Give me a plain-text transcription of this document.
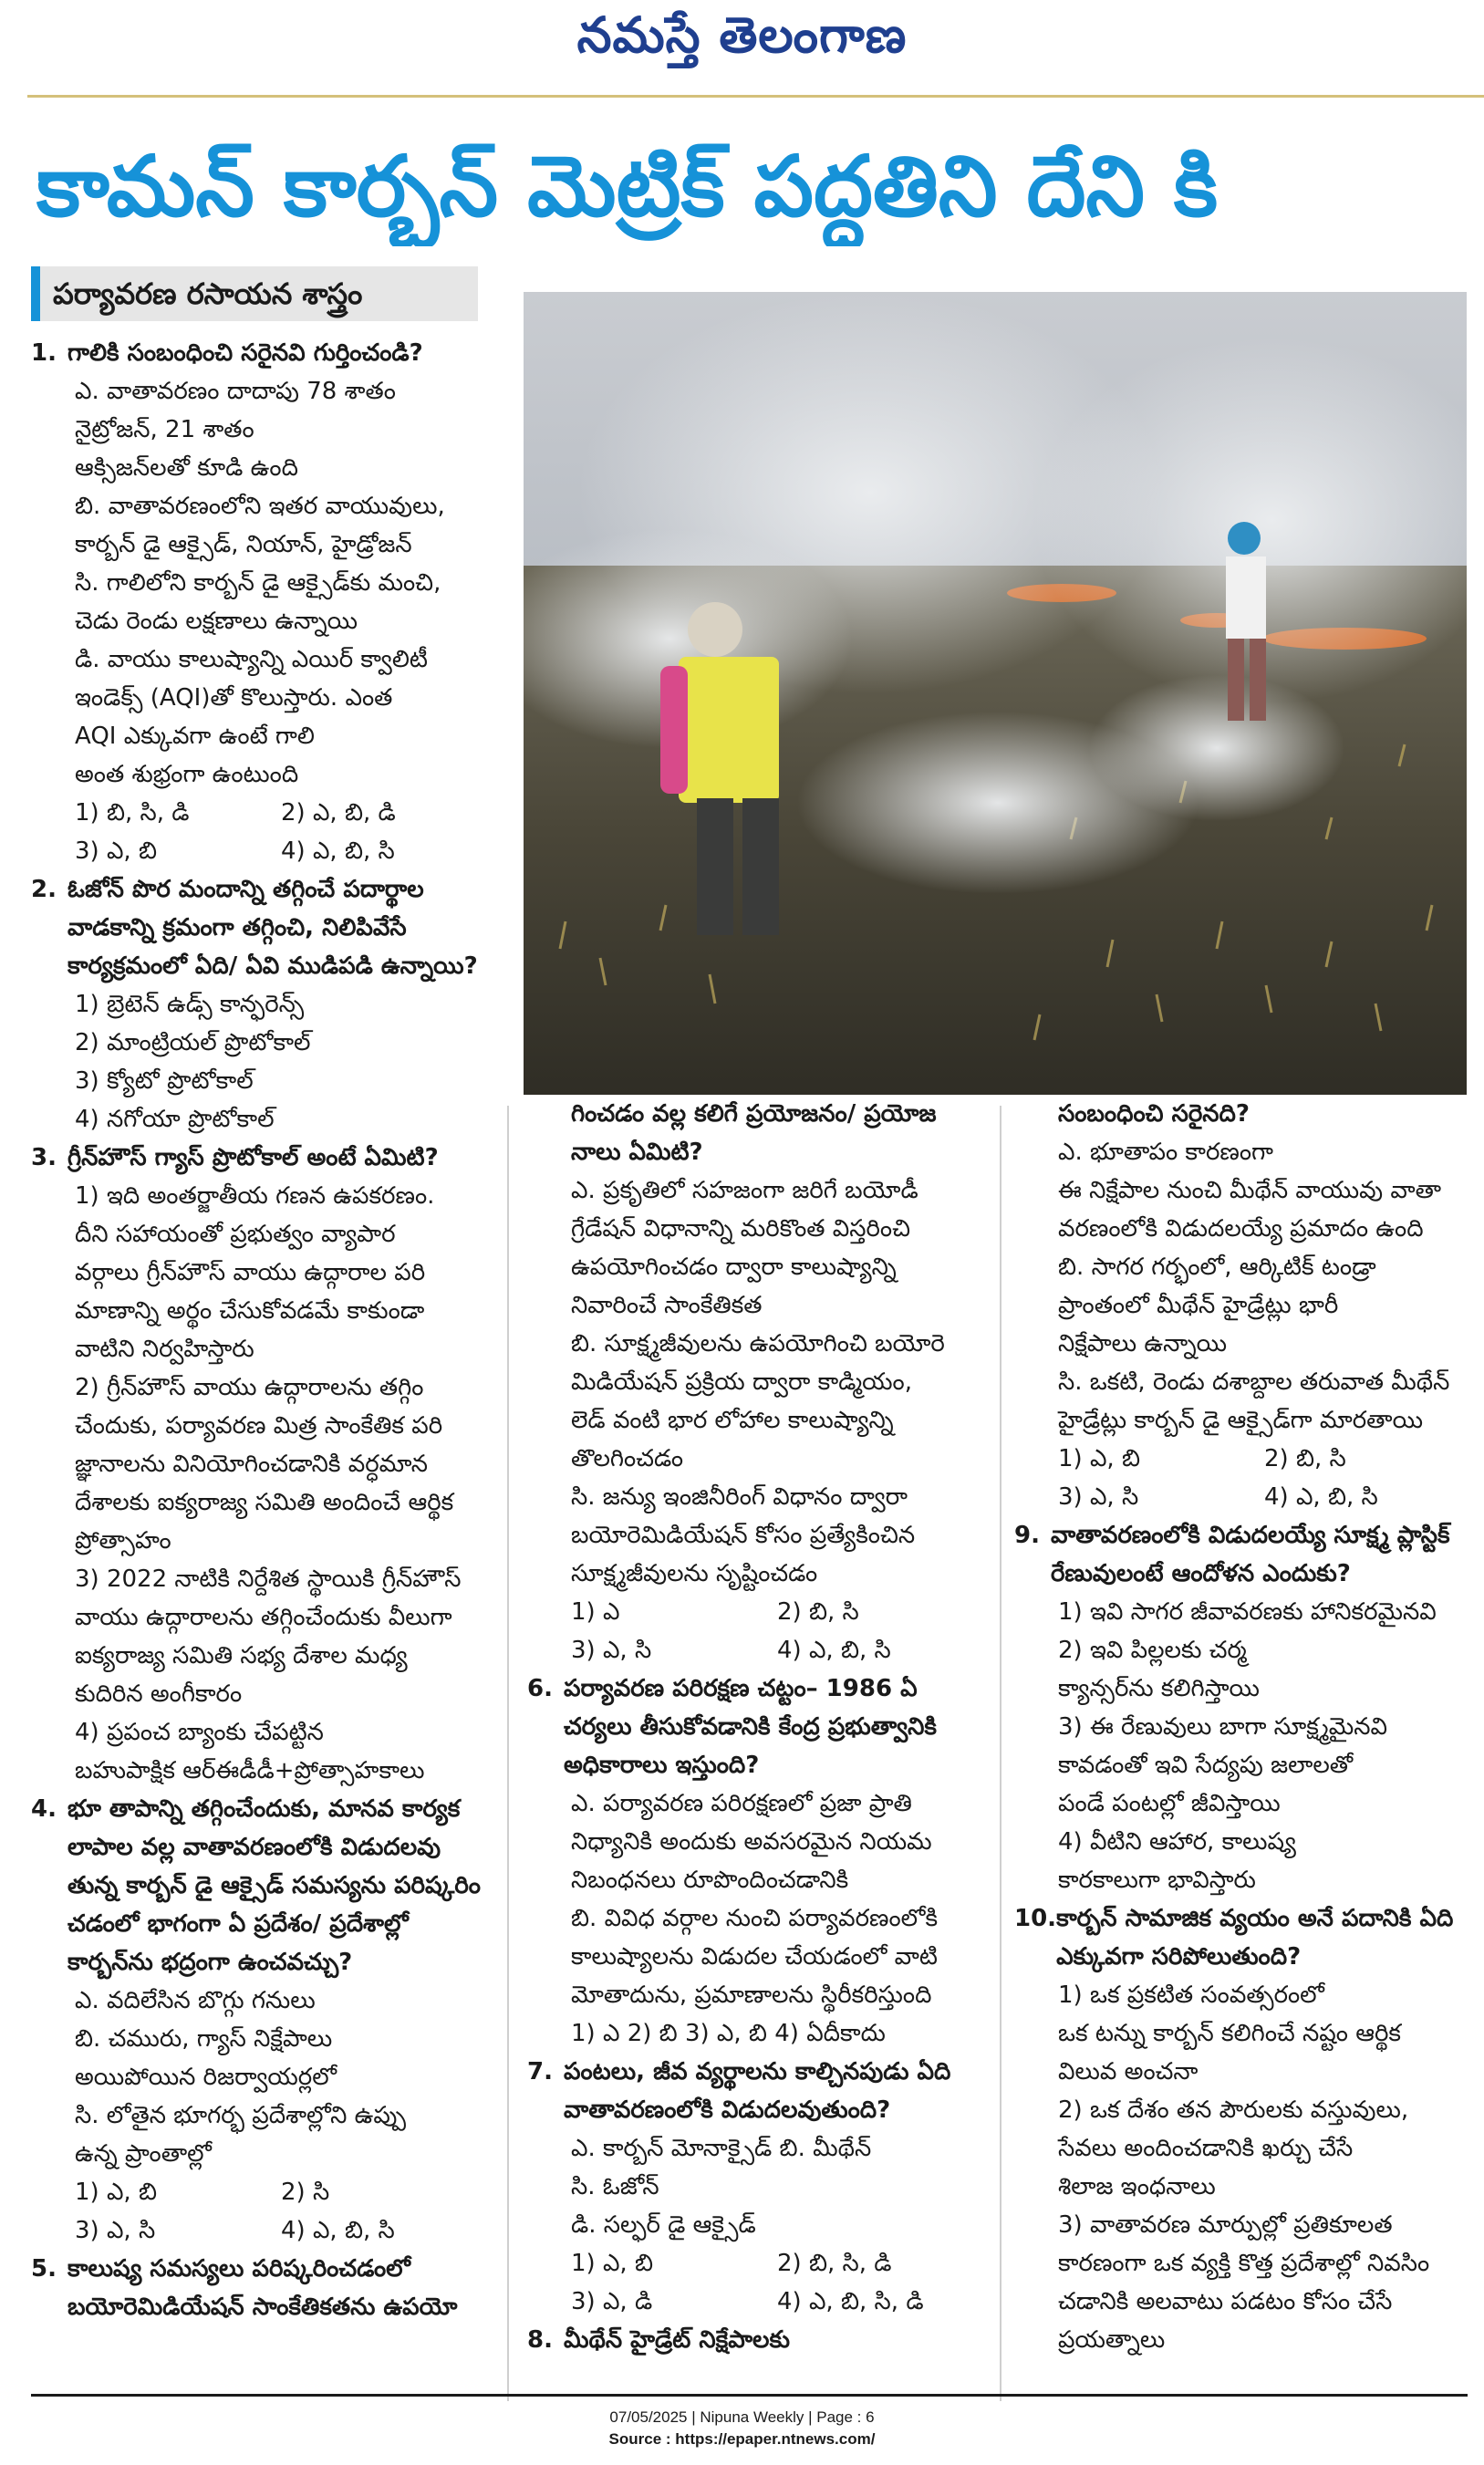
నమస్తే తెలంగాణ
కామన్ కార్బన్ మెట్రిక్ పద్ధతిని దేని కి
పర్యావరణ రసాయన శాస్త్రం
1. గాలికి సంబంధించి సరైనవి గుర్తించండి?
ఎ. వాతావరణం దాదాపు 78 శాతం
నైట్రోజన్, 21 శాతం
ఆక్సిజన్‌లతో కూడి ఉంది
బి. వాతావరణంలోని ఇతర వాయువులు,
కార్బన్ డై ఆక్సైడ్, నియాన్, హైడ్రోజన్
సి. గాలిలోని కార్బన్ డై ఆక్సైడ్‌కు మంచి,
చెడు రెండు లక్షణాలు ఉన్నాయి
డి. వాయు కాలుష్యాన్ని ఎయిర్ క్వాలిటీ
ఇండెక్స్ (AQI)తో కొలుస్తారు. ఎంత
AQI ఎక్కువగా ఉంటే గాలి
అంత శుభ్రంగా ఉంటుంది
1) బి, సి, డి	2) ఎ, బి, డి
3) ఎ, బి	4) ఎ, బి, సి
2. ఓజోన్ పొర మందాన్ని తగ్గించే పదార్థాల వాడకాన్ని క్రమంగా తగ్గించి, నిలిపివేసే కార్యక్రమంలో ఏది/ ఏవి ముడిపడి ఉన్నాయి?
1) బ్రెటెన్ ఉడ్స్ కాన్ఫరెన్స్
2) మాంట్రియల్ ప్రొటోకాల్
3) క్యోటో ప్రొటోకాల్
4) నగోయా ప్రొటోకాల్
3. గ్రీన్‌హౌస్ గ్యాస్ ప్రొటోకాల్ అంటే ఏమిటి?
1) ఇది అంతర్జాతీయ గణన ఉపకరణం.
దీని సహాయంతో ప్రభుత్వం వ్యాపార
వర్గాలు గ్రీన్‌హౌస్ వాయు ఉద్గారాల పరి
మాణాన్ని అర్థం చేసుకోవడమే కాకుండా
వాటిని నిర్వహిస్తారు
2) గ్రీన్‌హౌస్ వాయు ఉద్గారాలను తగ్గిం
చేందుకు, పర్యావరణ మిత్ర సాంకేతిక పరి
జ్ఞానాలను వినియోగించడానికి వర్ధమాన
దేశాలకు ఐక్యరాజ్య సమితి అందించే ఆర్థిక
ప్రోత్సాహం
3) 2022 నాటికి నిర్దేశిత స్థాయికి గ్రీన్‌హౌస్
వాయు ఉద్గారాలను తగ్గించేందుకు వీలుగా
ఐక్యరాజ్య సమితి సభ్య దేశాల మధ్య
కుదిరిన అంగీకారం
4) ప్రపంచ బ్యాంకు చేపట్టిన
బహుపాక్షిక ఆర్‌ఈడీడీ+ప్రోత్సాహకాలు
4. భూ తాపాన్ని తగ్గించేందుకు, మానవ కార్యక లాపాల వల్ల వాతావరణంలోకి విడుదలవు తున్న కార్బన్ డై ఆక్సైడ్ సమస్యను పరిష్కరిం చడంలో భాగంగా ఏ ప్రదేశం/ ప్రదేశాల్లో కార్బన్‌ను భద్రంగా ఉంచవచ్చు?
ఎ. వదిలేసిన బొగ్గు గనులు
బి. చమురు, గ్యాస్ నిక్షేపాలు
అయిపోయిన రిజర్వాయర్లలో
సి. లోతైన భూగర్భ ప్రదేశాల్లోని ఉప్పు
ఉన్న ప్రాంతాల్లో
1) ఎ, బి	2) సి
3) ఎ, సి	4) ఎ, బి, సి
5. కాలుష్య సమస్యలు పరిష్కరించడంలో బయోరెమిడియేషన్ సాంకేతికతను ఉపయో
గించడం వల్ల కలిగే ప్రయోజనం/ ప్రయోజ నాలు ఏమిటి?
ఎ. ప్రకృతిలో సహజంగా జరిగే బయోడీ
గ్రేడేషన్ విధానాన్ని మరికొంత విస్తరించి
ఉపయోగించడం ద్వారా కాలుష్యాన్ని
నివారించే సాంకేతికత
బి. సూక్ష్మజీవులను ఉపయోగించి బయోరె
మిడియేషన్ ప్రక్రియ ద్వారా కాడ్మియం,
లెడ్ వంటి భార లోహాల కాలుష్యాన్ని
తొలగించడం
సి. జన్యు ఇంజినీరింగ్ విధానం ద్వారా
బయోరెమిడియేషన్ కోసం ప్రత్యేకించిన
సూక్ష్మజీవులను సృష్టించడం
1) ఎ	2) బి, సి
3) ఎ, సి	4) ఎ, బి, సి
6. పర్యావరణ పరిరక్షణ చట్టం– 1986 ఏ చర్యలు తీసుకోవడానికి కేంద్ర ప్రభుత్వానికి అధికారాలు ఇస్తుంది?
ఎ. పర్యావరణ పరిరక్షణలో ప్రజా ప్రాతి
నిధ్యానికి అందుకు అవసరమైన నియమ
నిబంధనలు రూపొందించడానికి
బి. వివిధ వర్గాల నుంచి పర్యావరణంలోకి
కాలుష్యాలను విడుదల చేయడంలో వాటి
మోతాదును, ప్రమాణాలను స్థిరీకరిస్తుంది
1) ఎ 2) బి 3) ఎ, బి 4) ఏదీకాదు
7. పంటలు, జీవ వ్యర్థాలను కాల్చినపుడు ఏది వాతావరణంలోకి విడుదలవుతుంది?
ఎ. కార్బన్ మోనాక్సైడ్ బి. మీథేన్
సి. ఓజోన్
డి. సల్ఫర్ డై ఆక్సైడ్
1) ఎ, బి	2) బి, సి, డి
3) ఎ, డి	4) ఎ, బి, సి, డి
8. మీథేన్ హైడ్రేట్ నిక్షేపాలకు
సంబంధించి సరైనది?
ఎ. భూతాపం కారణంగా
ఈ నిక్షేపాల నుంచి మీథేన్ వాయువు వాతా
వరణంలోకి విడుదలయ్యే ప్రమాదం ఉంది
బి. సాగర గర్భంలో, ఆర్కిటిక్ టండ్రా
ప్రాంతంలో మీథేన్ హైడ్రేట్లు భారీ
నిక్షేపాలు ఉన్నాయి
సి. ఒకటి, రెండు దశాబ్దాల తరువాత మీథేన్
హైడ్రేట్లు కార్బన్ డై ఆక్సైడ్‌గా మారతాయి
1) ఎ, బి	2) బి, సి
3) ఎ, సి	4) ఎ, బి, సి
9. వాతావరణంలోకి విడుదలయ్యే సూక్ష్మ ప్లాస్టిక్ రేణువులంటే ఆందోళన ఎందుకు?
1) ఇవి సాగర జీవావరణకు హానికరమైనవి
2) ఇవి పిల్లలకు చర్మ
క్యాన్సర్‌ను కలిగిస్తాయి
3) ఈ రేణువులు బాగా సూక్ష్మమైనవి
కావడంతో ఇవి సేద్యపు జలాలతో
పండే పంటల్లో జీవిస్తాయి
4) వీటిని ఆహార, కాలుష్య
కారకాలుగా భావిస్తారు
10. కార్బన్ సామాజిక వ్యయం అనే పదానికి ఏది ఎక్కువగా సరిపోలుతుంది?
1) ఒక ప్రకటిత సంవత్సరంలో
ఒక టన్ను కార్బన్ కలిగించే నష్టం ఆర్థిక
విలువ అంచనా
2) ఒక దేశం తన పౌరులకు వస్తువులు,
సేవలు అందించడానికి ఖర్చు చేసే
శిలాజ ఇంధనాలు
3) వాతావరణ మార్పుల్లో ప్రతికూలత
కారణంగా ఒక వ్యక్తి కొత్త ప్రదేశాల్లో నివసిం
చడానికి అలవాటు పడటం కోసం చేసే
ప్రయత్నాలు
07/05/2025 | Nipuna Weekly | Page : 6
Source : https://epaper.ntnews.com/
